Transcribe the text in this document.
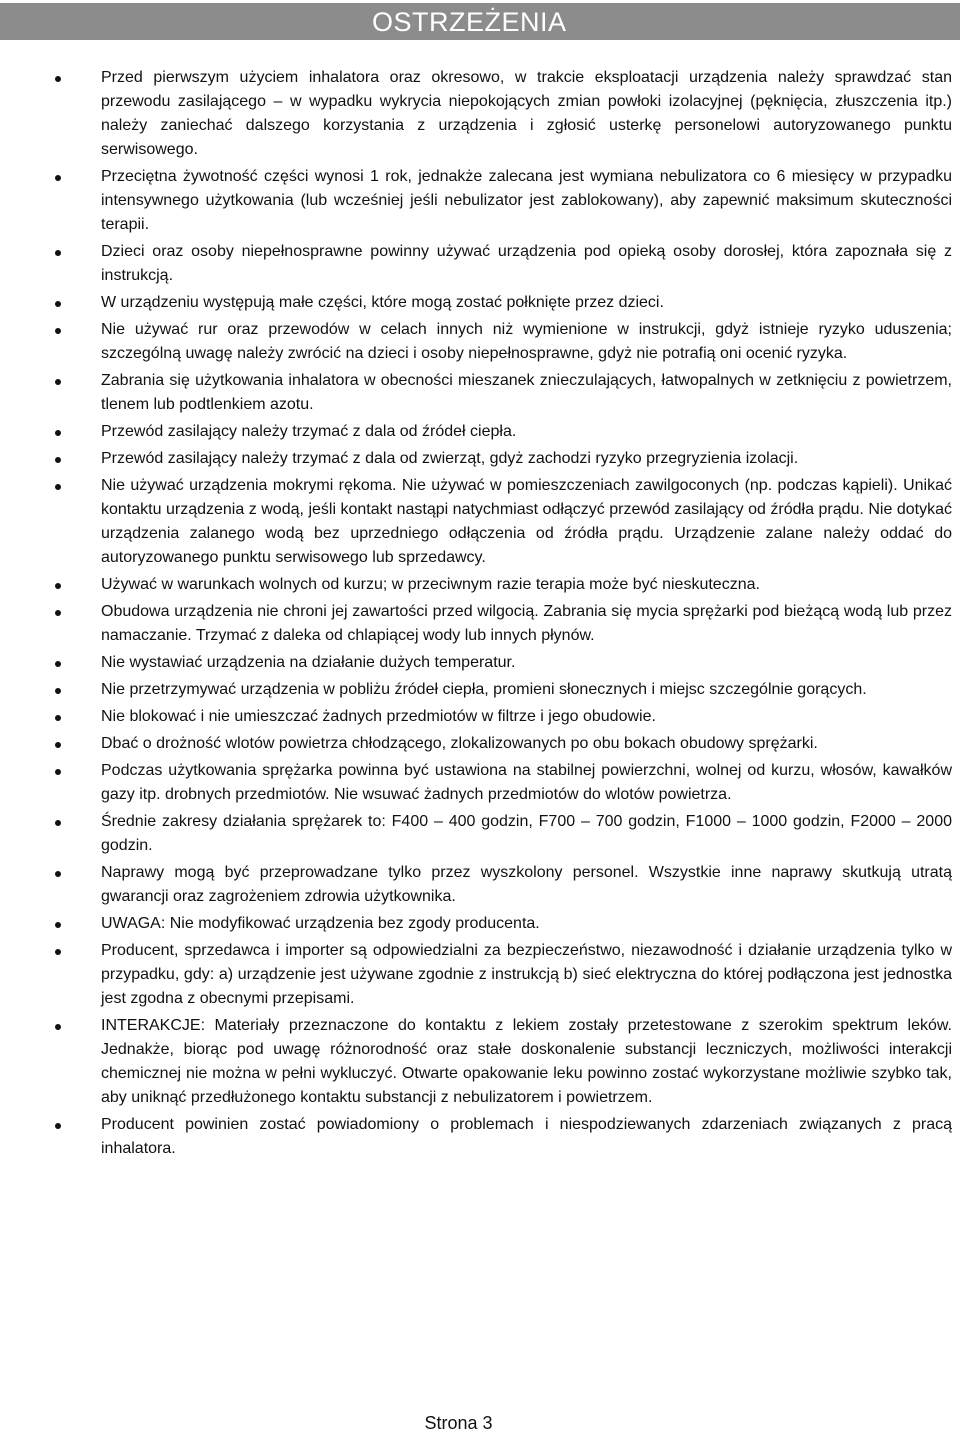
OSTRZEŻENIA
Przed pierwszym użyciem inhalatora oraz okresowo, w trakcie eksploatacji urządzenia należy sprawdzać stan przewodu zasilającego – w wypadku wykrycia niepokojących zmian powłoki izolacyjnej (pęknięcia, złuszczenia itp.) należy zaniechać dalszego korzystania z urządzenia i zgłosić usterkę personelowi autoryzowanego punktu serwisowego.
Przeciętna żywotność części wynosi 1 rok, jednakże zalecana jest wymiana nebulizatora co 6 miesięcy w przypadku intensywnego użytkowania (lub wcześniej jeśli nebulizator jest zablokowany), aby zapewnić maksimum skuteczności terapii.
Dzieci oraz osoby niepełnosprawne powinny używać urządzenia pod opieką osoby dorosłej, która zapoznała się z instrukcją.
W urządzeniu występują małe części, które mogą zostać połknięte przez dzieci.
Nie używać rur oraz przewodów w celach innych niż wymienione w instrukcji, gdyż istnieje ryzyko uduszenia; szczególną uwagę należy zwrócić na dzieci i osoby niepełnosprawne, gdyż nie potrafią oni ocenić ryzyka.
Zabrania się użytkowania inhalatora w obecności mieszanek znieczulających, łatwopalnych w zetknięciu z powietrzem, tlenem lub podtlenkiem azotu.
Przewód zasilający należy trzymać z dala od źródeł ciepła.
Przewód zasilający należy trzymać z dala od zwierząt, gdyż zachodzi ryzyko przegryzienia izolacji.
Nie używać urządzenia mokrymi rękoma. Nie używać w pomieszczeniach zawilgoconych (np. podczas kąpieli). Unikać kontaktu urządzenia z wodą, jeśli kontakt nastąpi natychmiast odłączyć przewód zasilający od źródła prądu. Nie dotykać urządzenia zalanego wodą bez uprzedniego odłączenia od źródła prądu. Urządzenie zalane należy oddać do autoryzowanego punktu serwisowego lub sprzedawcy.
Używać w warunkach wolnych od kurzu; w przeciwnym razie terapia może być nieskuteczna.
Obudowa urządzenia nie chroni jej zawartości przed wilgocią. Zabrania się mycia sprężarki pod bieżącą wodą lub przez namaczanie. Trzymać z daleka od chlapiącej wody lub innych płynów.
Nie wystawiać urządzenia na działanie dużych temperatur.
Nie przetrzymywać urządzenia w pobliżu źródeł ciepła, promieni słonecznych i miejsc szczególnie gorących.
Nie blokować i nie umieszczać żadnych przedmiotów w filtrze i jego obudowie.
Dbać o drożność wlotów powietrza chłodzącego, zlokalizowanych po obu bokach obudowy sprężarki.
Podczas użytkowania sprężarka powinna być ustawiona na stabilnej powierzchni, wolnej od kurzu, włosów, kawałków gazy itp. drobnych przedmiotów. Nie wsuwać żadnych przedmiotów do wlotów powietrza.
Średnie zakresy działania sprężarek to: F400 – 400 godzin, F700 – 700 godzin, F1000 – 1000 godzin, F2000 – 2000 godzin.
Naprawy mogą być przeprowadzane tylko przez wyszkolony personel. Wszystkie inne naprawy skutkują utratą gwarancji oraz zagrożeniem zdrowia użytkownika.
UWAGA: Nie modyfikować urządzenia bez zgody producenta.
Producent, sprzedawca i importer są odpowiedzialni za bezpieczeństwo, niezawodność i działanie urządzenia tylko w przypadku, gdy: a) urządzenie jest używane zgodnie z instrukcją b) sieć elektryczna do której podłączona jest jednostka jest zgodna z obecnymi przepisami.
INTERAKCJE: Materiały przeznaczone do kontaktu z lekiem zostały przetestowane z szerokim spektrum leków. Jednakże, biorąc pod uwagę różnorodność oraz stałe doskonalenie substancji leczniczych, możliwości interakcji chemicznej nie można w pełni wykluczyć. Otwarte opakowanie leku powinno zostać wykorzystane możliwie szybko tak, aby uniknąć przedłużonego kontaktu substancji z nebulizatorem i powietrzem.
Producent powinien zostać powiadomiony o problemach i niespodziewanych zdarzeniach związanych z pracą inhalatora.
Strona 3
